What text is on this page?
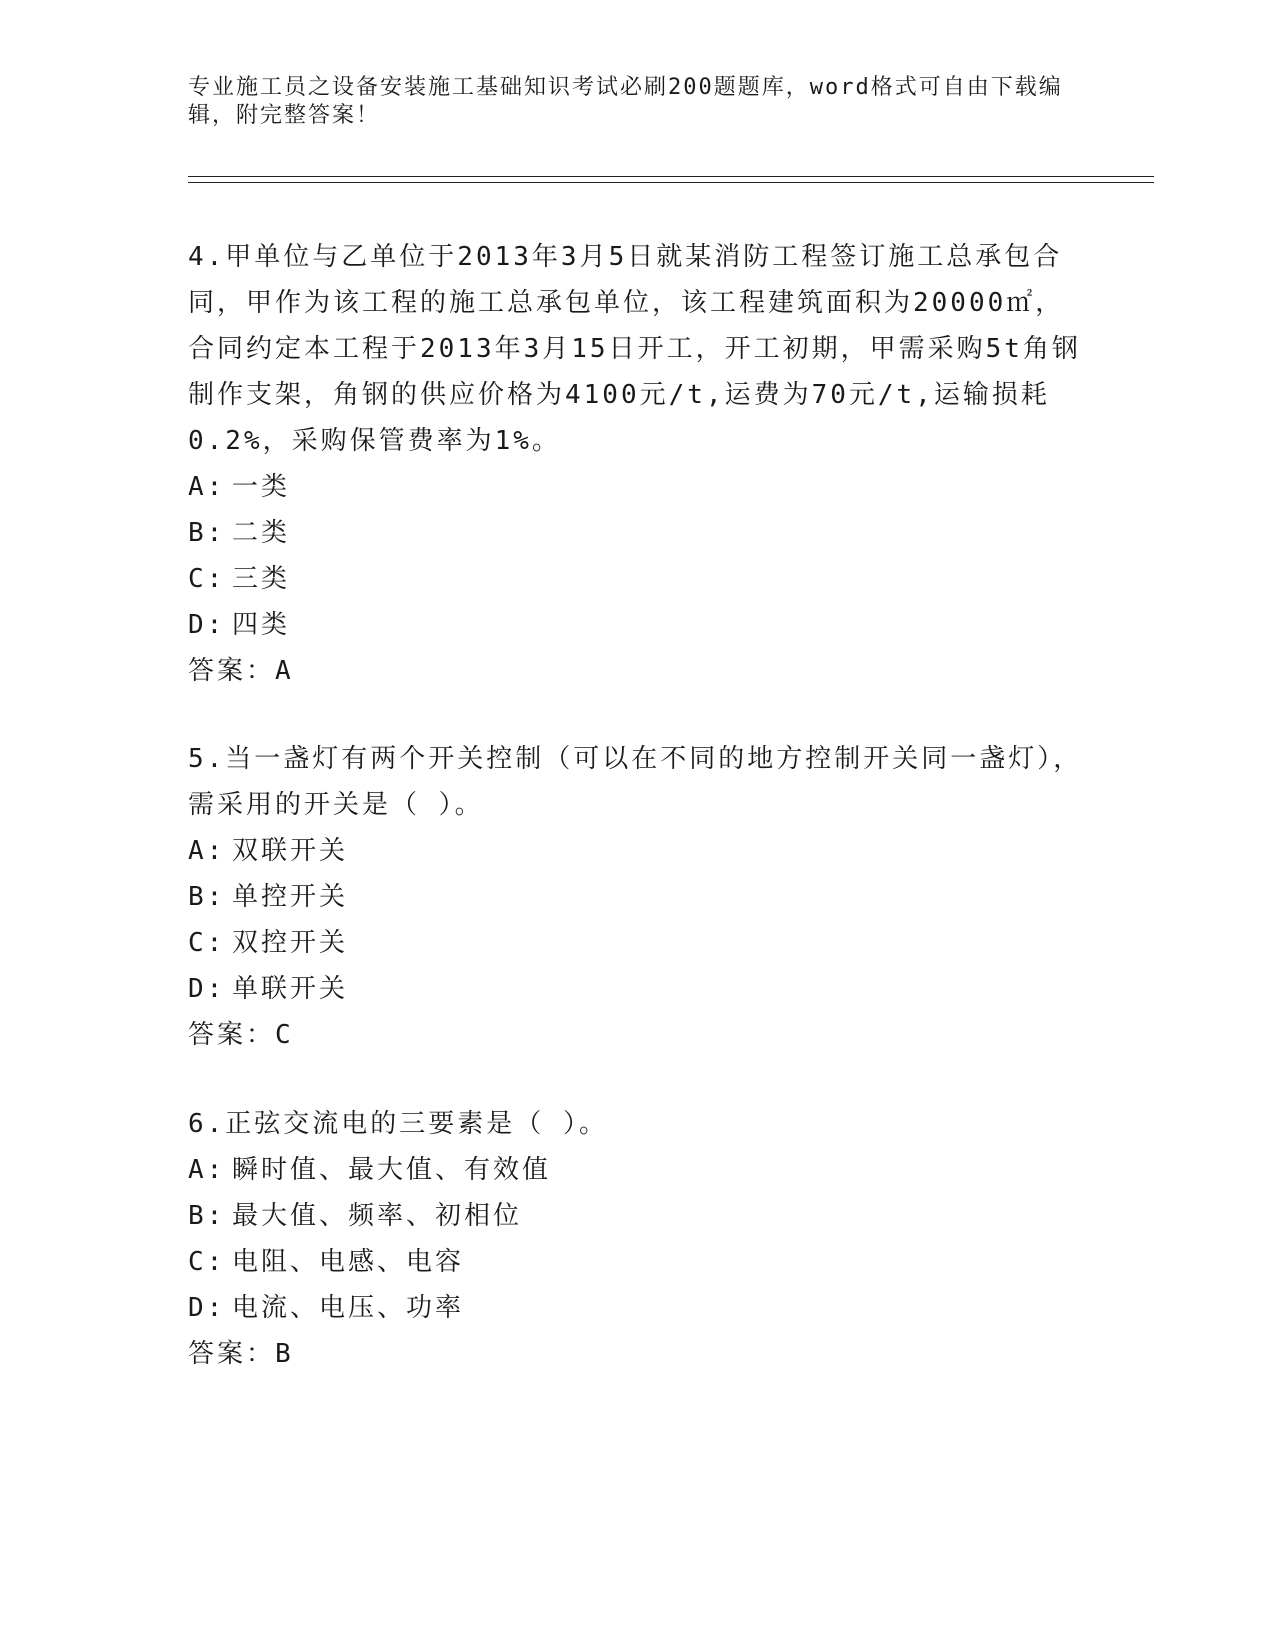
专业施工员之设备安装施工基础知识考试必刷200题题库，word格式可自由下载编辑，附完整答案！
4.甲单位与乙单位于2013年3月5日就某消防工程签订施工总承包合同，甲作为该工程的施工总承包单位，该工程建筑面积为20000㎡，合同约定本工程于2013年3月15日开工，开工初期，甲需采购5t角钢制作支架，角钢的供应价格为4100元/t,运费为70元/t,运输损耗0.2%，采购保管费率为1%。
A: 一类
B: 二类
C: 三类
D: 四类
答案：A
5.当一盏灯有两个开关控制（可以在不同的地方控制开关同一盏灯），需采用的开关是（ ）。
A: 双联开关
B: 单控开关
C: 双控开关
D: 单联开关
答案：C
6.正弦交流电的三要素是（ ）。
A: 瞬时值、最大值、有效值
B: 最大值、频率、初相位
C: 电阻、电感、电容
D: 电流、电压、功率
答案：B
